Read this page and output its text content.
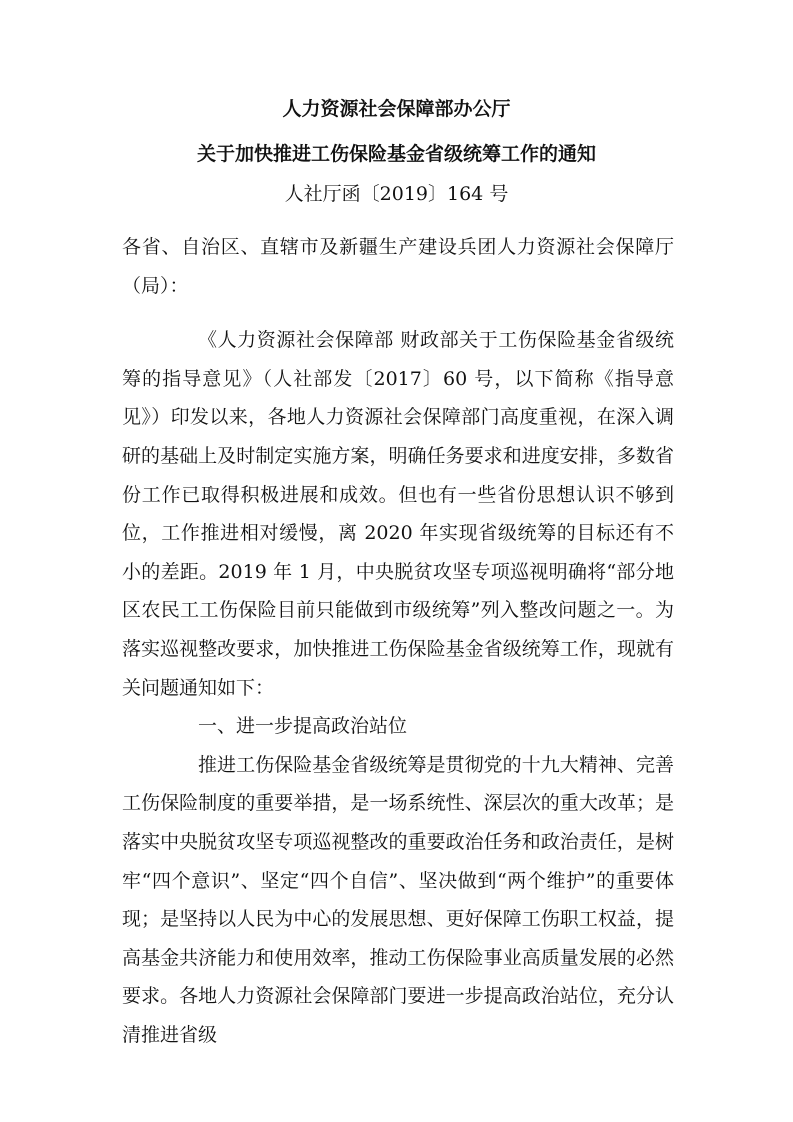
人力资源社会保障部办公厅
关于加快推进工伤保险基金省级统筹工作的通知
人社厅函〔2019〕164 号

各省、自治区、直辖市及新疆生产建设兵团人力资源社会保障厅（局）：

《人力资源社会保障部 财政部关于工伤保险基金省级统筹的指导意见》（人社部发〔2017〕60 号，以下简称《指导意见》）印发以来，各地人力资源社会保障部门高度重视，在深入调研的基础上及时制定实施方案，明确任务要求和进度安排，多数省份工作已取得积极进展和成效。但也有一些省份思想认识不够到位，工作推进相对缓慢，离 2020 年实现省级统筹的目标还有不小的差距。2019 年 1 月，中央脱贫攻坚专项巡视明确将“部分地区农民工工伤保险目前只能做到市级统筹”列入整改问题之一。为落实巡视整改要求，加快推进工伤保险基金省级统筹工作，现就有关问题通知如下：

一、进一步提高政治站位

推进工伤保险基金省级统筹是贯彻党的十九大精神、完善工伤保险制度的重要举措，是一场系统性、深层次的重大改革；是落实中央脱贫攻坚专项巡视整改的重要政治任务和政治责任，是树牢“四个意识”、坚定“四个自信”、坚决做到“两个维护”的重要体现；是坚持以人民为中心的发展思想、更好保障工伤职工权益，提高基金共济能力和使用效率，推动工伤保险事业高质量发展的必然要求。各地人力资源社会保障部门要进一步提高政治站位，充分认清推进省级
